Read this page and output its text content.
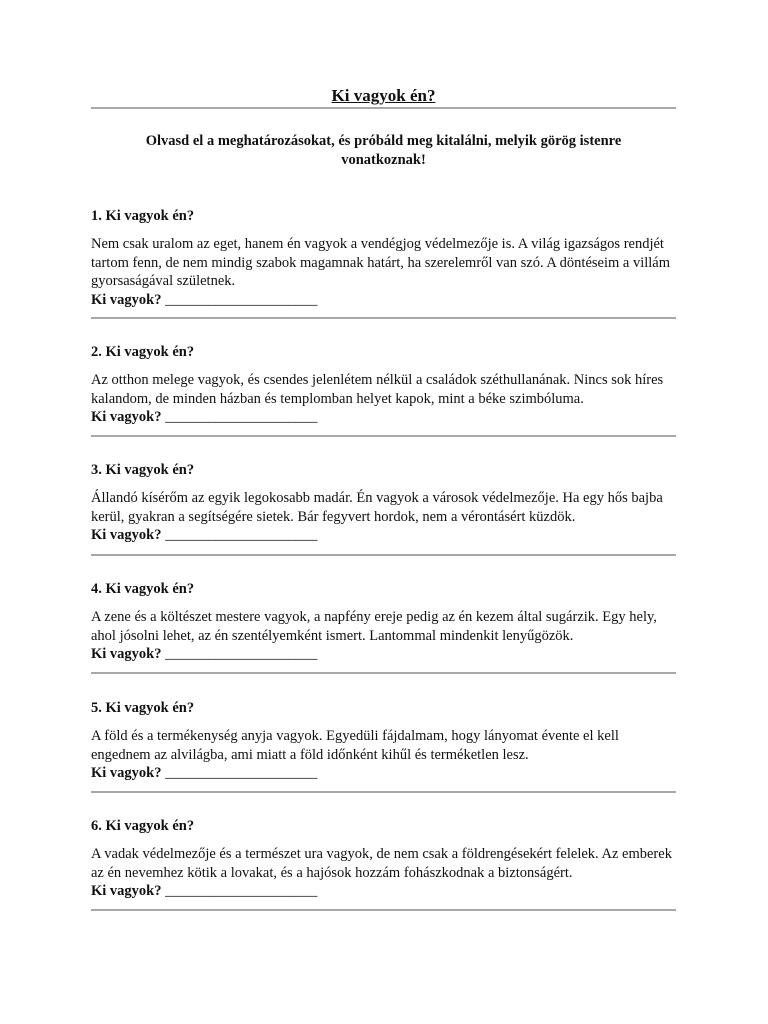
Ki vagyok én?
Olvasd el a meghatározásokat, és próbáld meg kitalálni, melyik görög istenre vonatkoznak!

1. Ki vagyok én?

Nem csak uralom az eget, hanem én vagyok a vendégjog védelmezője is. A világ igazságos rendjét tartom fenn, de nem mindig szabok magamnak határt, ha szerelemről van szó. A döntéseim a villám gyorsaságával születnek.

Ki vagyok? _____________________

2. Ki vagyok én?

Az otthon melege vagyok, és csendes jelenlétem nélkül a családok széthullanának. Nincs sok híres kalandom, de minden házban és templomban helyet kapok, mint a béke szimbóluma.

Ki vagyok? _____________________

3. Ki vagyok én?

Állandó kísérőm az egyik legokosabb madár. Én vagyok a városok védelmezője. Ha egy hős bajba kerül, gyakran a segítségére sietek. Bár fegyvert hordok, nem a vérontásért küzdök.

Ki vagyok? _____________________

4. Ki vagyok én?

A zene és a költészet mestere vagyok, a napfény ereje pedig az én kezem által sugárzik. Egy hely, ahol jósolni lehet, az én szentélyemként ismert. Lantommal mindenkit lenyűgözök.

Ki vagyok? _____________________

5. Ki vagyok én?

A föld és a termékenység anyja vagyok. Egyedüli fájdalmam, hogy lányomat évente el kell engednem az alvilágba, ami miatt a föld időnként kihűl és terméketlen lesz.

Ki vagyok? _____________________

6. Ki vagyok én?

A vadak védelmezője és a természet ura vagyok, de nem csak a földrengésekért felelek. Az emberek az én nevemhez kötik a lovakat, és a hajósok hozzám fohászkodnak a biztonságért.

Ki vagyok? _____________________
